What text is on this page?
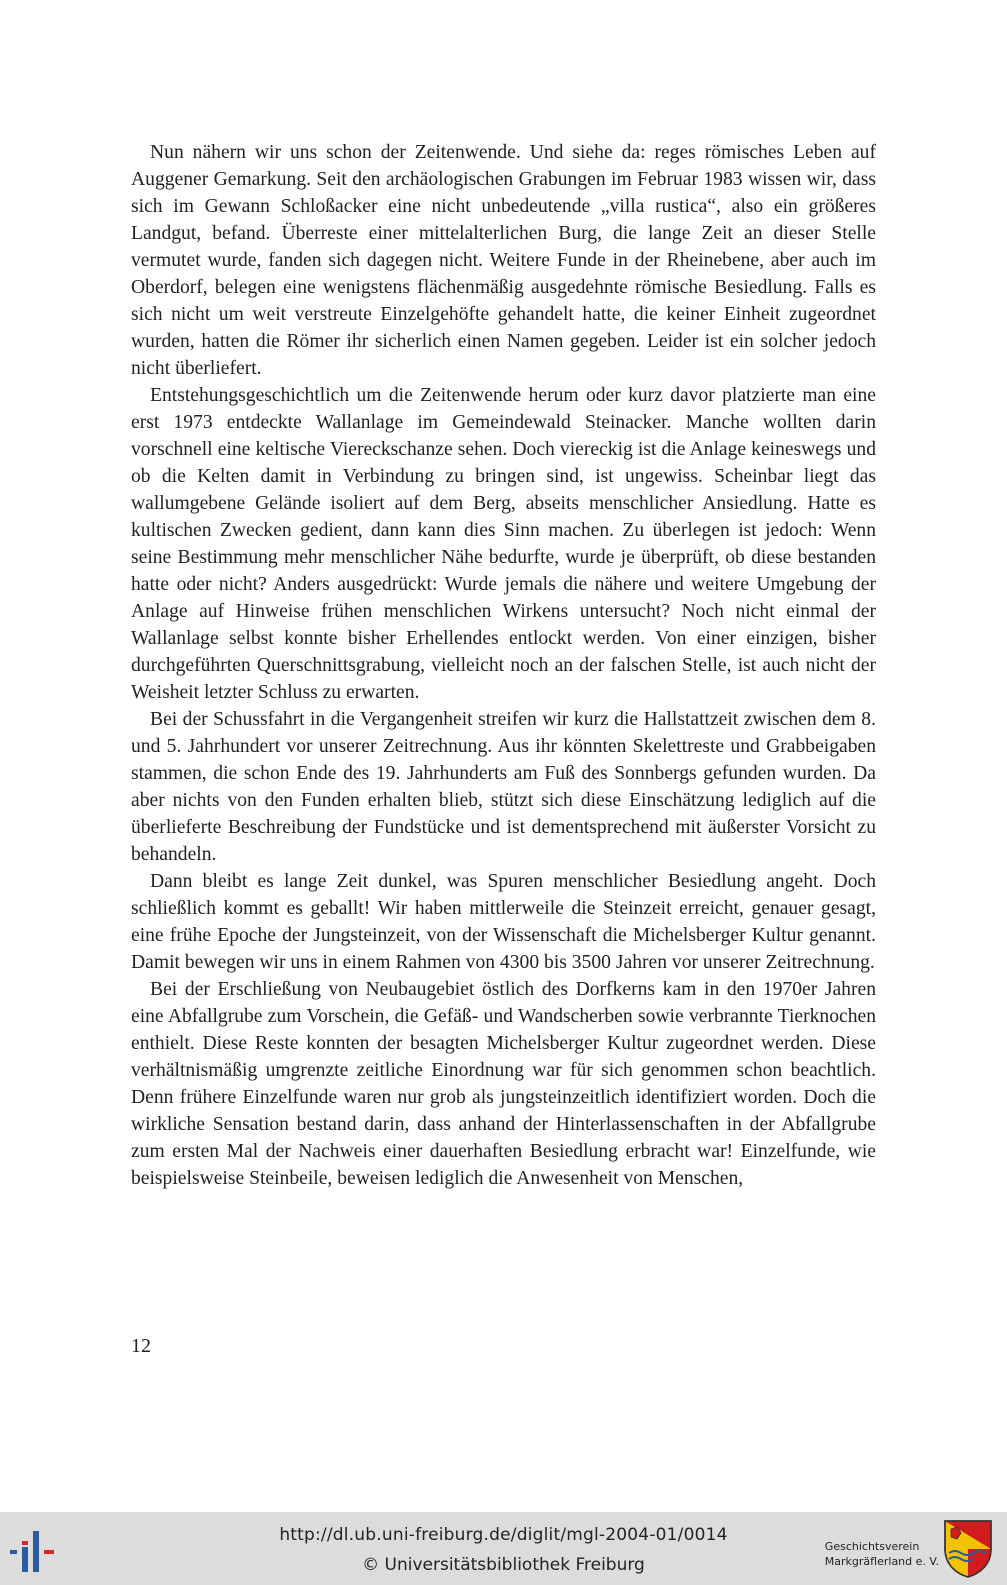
Nun nähern wir uns schon der Zeitenwende. Und siehe da: reges römisches Leben auf Auggener Gemarkung. Seit den archäologischen Grabungen im Februar 1983 wissen wir, dass sich im Gewann Schloßacker eine nicht unbedeutende „villa rustica“, also ein größeres Landgut, befand. Überreste einer mittelalterlichen Burg, die lange Zeit an dieser Stelle vermutet wurde, fanden sich dagegen nicht. Weitere Funde in der Rheinebene, aber auch im Oberdorf, belegen eine wenigstens flächenmäßig ausgedehnte römische Besiedlung. Falls es sich nicht um weit verstreute Einzelgehöfte gehandelt hatte, die keiner Einheit zugeordnet wurden, hatten die Römer ihr sicherlich einen Namen gegeben. Leider ist ein solcher jedoch nicht überliefert.

Entstehungsgeschichtlich um die Zeitenwende herum oder kurz davor platzierte man eine erst 1973 entdeckte Wallanlage im Gemeindewald Steinacker. Manche wollten darin vorschnell eine keltische Viereckschanze sehen. Doch viereckig ist die Anlage keineswegs und ob die Kelten damit in Verbindung zu bringen sind, ist ungewiss. Scheinbar liegt das wallumgebene Gelände isoliert auf dem Berg, abseits menschlicher Ansiedlung. Hatte es kultischen Zwecken gedient, dann kann dies Sinn machen. Zu überlegen ist jedoch: Wenn seine Bestimmung mehr menschlicher Nähe bedurfte, wurde je überprüft, ob diese bestanden hatte oder nicht? Anders ausgedrückt: Wurde jemals die nähere und weitere Umgebung der Anlage auf Hinweise frühen menschlichen Wirkens untersucht? Noch nicht einmal der Wallanlage selbst konnte bisher Erhellendes entlockt werden. Von einer einzigen, bisher durchgeführten Querschnittsgrabung, vielleicht noch an der falschen Stelle, ist auch nicht der Weisheit letzter Schluss zu erwarten.

Bei der Schussfahrt in die Vergangenheit streifen wir kurz die Hallstattzeit zwischen dem 8. und 5. Jahrhundert vor unserer Zeitrechnung. Aus ihr könnten Skelettreste und Grabbeigaben stammen, die schon Ende des 19. Jahrhunderts am Fuß des Sonnbergs gefunden wurden. Da aber nichts von den Funden erhalten blieb, stützt sich diese Einschätzung lediglich auf die überlieferte Beschreibung der Fundstücke und ist dementsprechend mit äußerster Vorsicht zu behandeln.

Dann bleibt es lange Zeit dunkel, was Spuren menschlicher Besiedlung angeht. Doch schließlich kommt es geballt! Wir haben mittlerweile die Steinzeit erreicht, genauer gesagt, eine frühe Epoche der Jungsteinzeit, von der Wissenschaft die Michelsberger Kultur genannt. Damit bewegen wir uns in einem Rahmen von 4300 bis 3500 Jahren vor unserer Zeitrechnung.

Bei der Erschließung von Neubaugebiet östlich des Dorfkerns kam in den 1970er Jahren eine Abfallgrube zum Vorschein, die Gefäß- und Wandscherben sowie verbrannte Tierknochen enthielt. Diese Reste konnten der besagten Michelsberger Kultur zugeordnet werden. Diese verhältnismäßig umgrenzte zeitliche Einordnung war für sich genommen schon beachtlich. Denn frühere Einzelfunde waren nur grob als jungsteinzeitlich identifiziert worden. Doch die wirkliche Sensation bestand darin, dass anhand der Hinterlassenschaften in der Abfallgrube zum ersten Mal der Nachweis einer dauerhaften Besiedlung erbracht war! Einzelfunde, wie beispielsweise Steinbeile, beweisen lediglich die Anwesenheit von Menschen,

12
http://dl.ub.uni-freiburg.de/diglit/mgl-2004-01/0014
© Universitätsbibliothek Freiburg
Geschichtsverein
Markgräflerland e. V.
